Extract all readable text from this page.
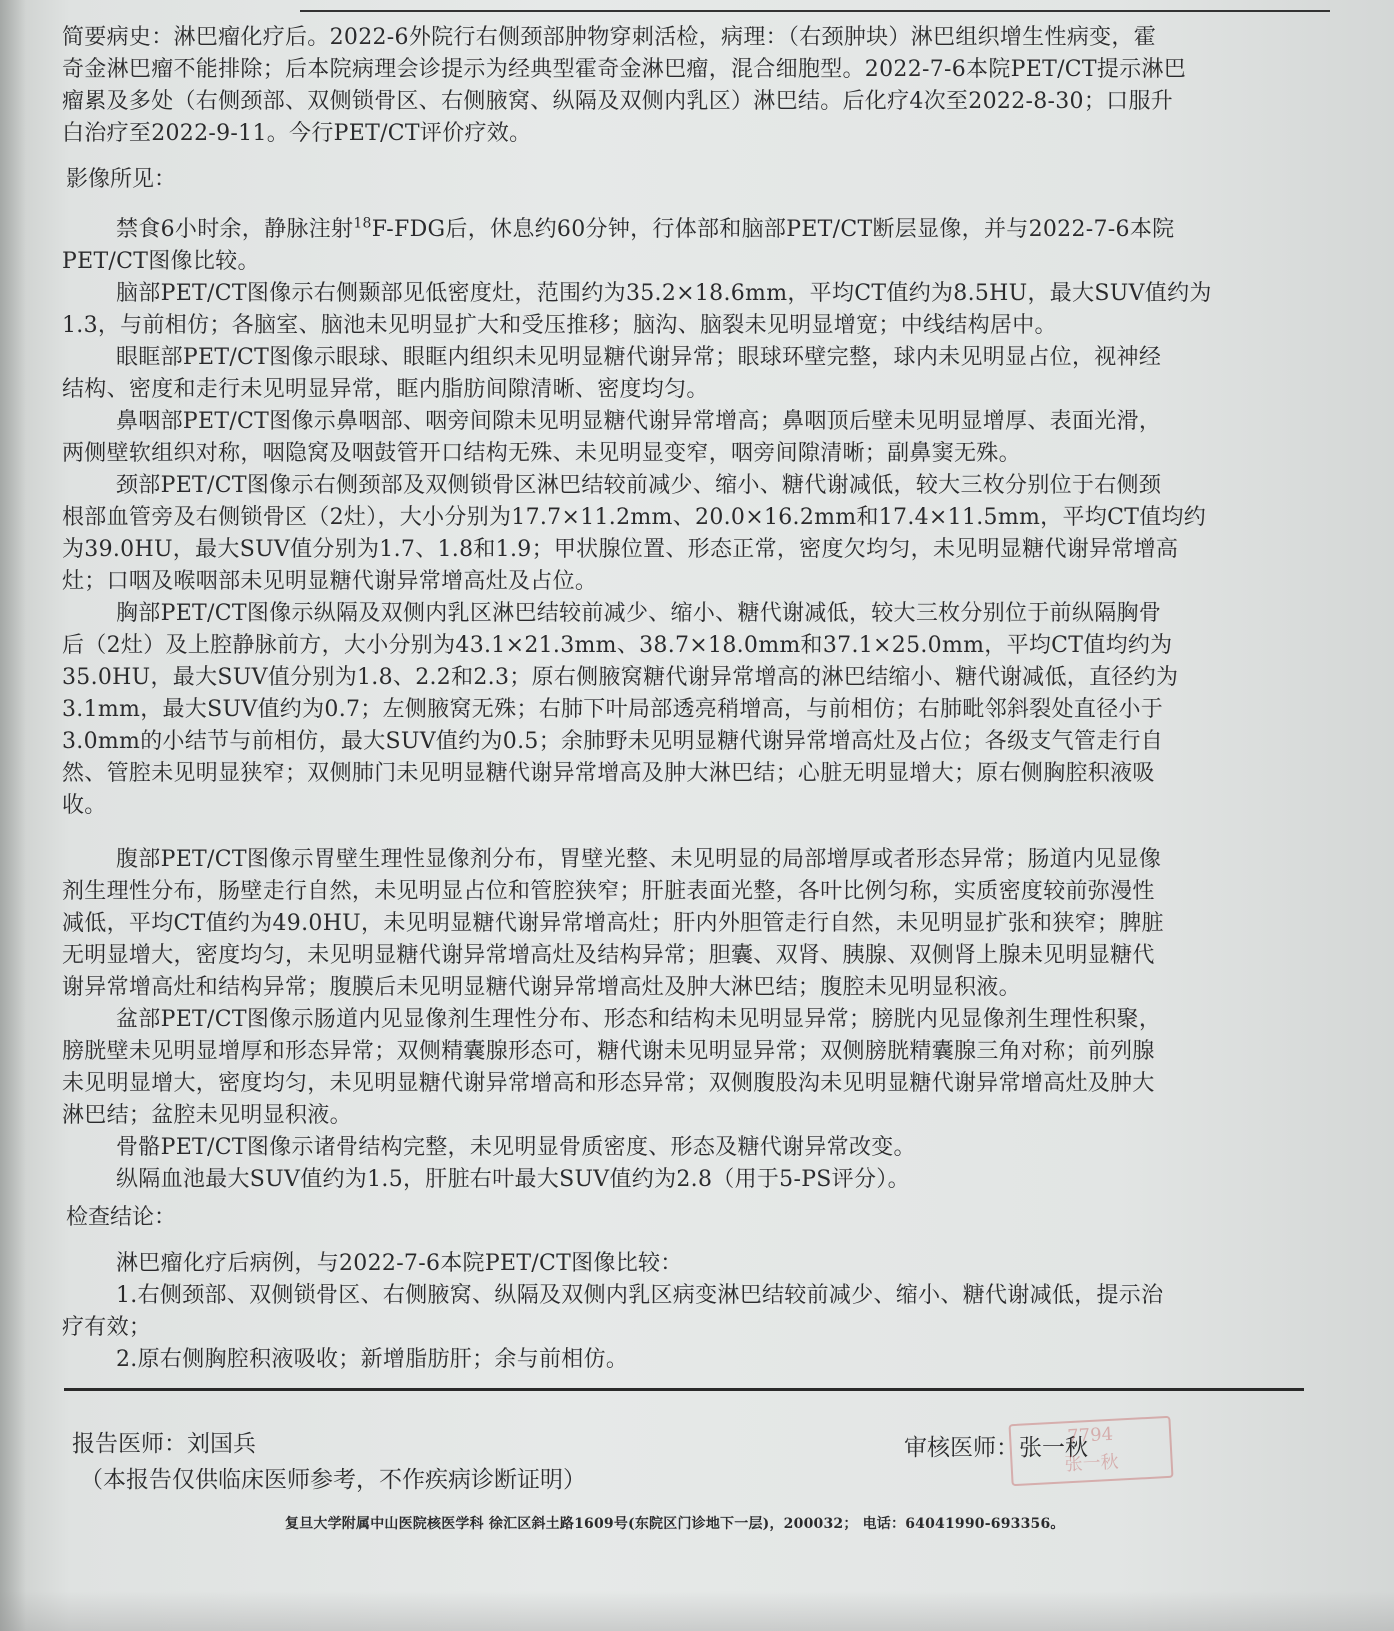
简要病史：淋巴瘤化疗后。2022-6外院行右侧颈部肿物穿刺活检，病理：（右颈肿块）淋巴组织增生性病变，霍
奇金淋巴瘤不能排除；后本院病理会诊提示为经典型霍奇金淋巴瘤，混合细胞型。2022-7-6本院PET/CT提示淋巴
瘤累及多处（右侧颈部、双侧锁骨区、右侧腋窝、纵隔及双侧内乳区）淋巴结。后化疗4次至2022-8-30；口服升
白治疗至2022-9-11。今行PET/CT评价疗效。

影像所见：

禁食6小时余，静脉注射$^{18}$F-FDG后，休息约60分钟，行体部和脑部PET/CT断层显像，并与2022-7-6本院
PET/CT图像比较。

脑部PET/CT图像示右侧颞部见低密度灶，范围约为35.2×18.6mm，平均CT值约为8.5HU，最大SUV值约为
1.3，与前相仿；各脑室、脑池未见明显扩大和受压推移；脑沟、脑裂未见明显增宽；中线结构居中。

眼眶部PET/CT图像示眼球、眼眶内组织未见明显糖代谢异常；眼球环壁完整，球内未见明显占位，视神经
结构、密度和走行未见明显异常，眶内脂肪间隙清晰、密度均匀。

鼻咽部PET/CT图像示鼻咽部、咽旁间隙未见明显糖代谢异常增高；鼻咽顶后壁未见明显增厚、表面光滑，
两侧壁软组织对称，咽隐窝及咽鼓管开口结构无殊、未见明显变窄，咽旁间隙清晰；副鼻窦无殊。

颈部PET/CT图像示右侧颈部及双侧锁骨区淋巴结较前减少、缩小、糖代谢减低，较大三枚分别位于右侧颈
根部血管旁及右侧锁骨区（2灶），大小分别为17.7×11.2mm、20.0×16.2mm和17.4×11.5mm，平均CT值均约
为39.0HU，最大SUV值分别为1.7、1.8和1.9；甲状腺位置、形态正常，密度欠均匀，未见明显糖代谢异常增高
灶；口咽及喉咽部未见明显糖代谢异常增高灶及占位。

胸部PET/CT图像示纵隔及双侧内乳区淋巴结较前减少、缩小、糖代谢减低，较大三枚分别位于前纵隔胸骨
后（2灶）及上腔静脉前方，大小分别为43.1×21.3mm、38.7×18.0mm和37.1×25.0mm，平均CT值均约为
35.0HU，最大SUV值分别为1.8、2.2和2.3；原右侧腋窝糖代谢异常增高的淋巴结缩小、糖代谢减低，直径约为
3.1mm，最大SUV值约为0.7；左侧腋窝无殊；右肺下叶局部透亮稍增高，与前相仿；右肺毗邻斜裂处直径小于
3.0mm的小结节与前相仿，最大SUV值约为0.5；余肺野未见明显糖代谢异常增高灶及占位；各级支气管走行自
然、管腔未见明显狭窄；双侧肺门未见明显糖代谢异常增高及肿大淋巴结；心脏无明显增大；原右侧胸腔积液吸
收。

腹部PET/CT图像示胃壁生理性显像剂分布，胃壁光整、未见明显的局部增厚或者形态异常；肠道内见显像
剂生理性分布，肠壁走行自然，未见明显占位和管腔狭窄；肝脏表面光整，各叶比例匀称，实质密度较前弥漫性
减低，平均CT值约为49.0HU，未见明显糖代谢异常增高灶；肝内外胆管走行自然，未见明显扩张和狭窄；脾脏
无明显增大，密度均匀，未见明显糖代谢异常增高灶及结构异常；胆囊、双肾、胰腺、双侧肾上腺未见明显糖代
谢异常增高灶和结构异常；腹膜后未见明显糖代谢异常增高灶及肿大淋巴结；腹腔未见明显积液。

盆部PET/CT图像示肠道内见显像剂生理性分布、形态和结构未见明显异常；膀胱内见显像剂生理性积聚，
膀胱壁未见明显增厚和形态异常；双侧精囊腺形态可，糖代谢未见明显异常；双侧膀胱精囊腺三角对称；前列腺
未见明显增大，密度均匀，未见明显糖代谢异常增高和形态异常；双侧腹股沟未见明显糖代谢异常增高灶及肿大
淋巴结；盆腔未见明显积液。

骨骼PET/CT图像示诸骨结构完整，未见明显骨质密度、形态及糖代谢异常改变。

纵隔血池最大SUV值约为1.5，肝脏右叶最大SUV值约为2.8（用于5-PS评分）。

检查结论：

淋巴瘤化疗后病例，与2022-7-6本院PET/CT图像比较：

1.右侧颈部、双侧锁骨区、右侧腋窝、纵隔及双侧内乳区病变淋巴结较前减少、缩小、糖代谢减低，提示治
疗有效；

2.原右侧胸腔积液吸收；新增脂肪肝；余与前相仿。

报告医师：刘国兵	审核医师：张一秋
7794
张一秋
（本报告仅供临床医师参考，不作疾病诊断证明）
复旦大学附属中山医院核医学科 徐汇区斜土路1609号(东院区门诊地下一层)，200032； 电话：64041990-693356。
